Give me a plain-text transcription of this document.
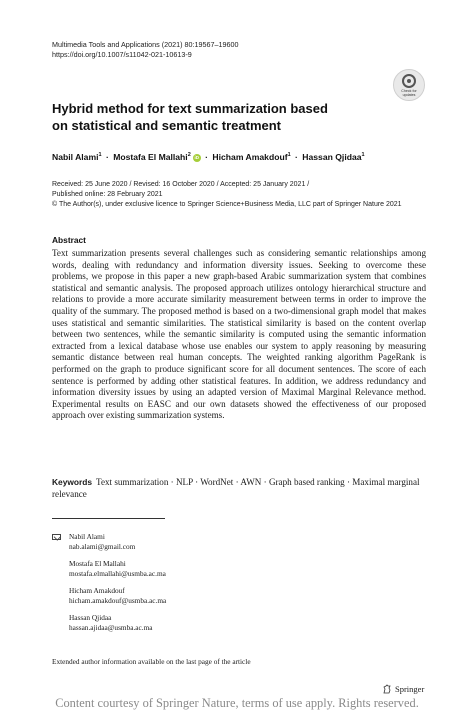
Multimedia Tools and Applications (2021) 80:19567–19600
https://doi.org/10.1007/s11042-021-10613-9
Check for
updates
Hybrid method for text summarization based
on statistical and semantic treatment
Nabil Alami$^1$ · Mostafa El Mallahi$^2$ iD · Hicham Amakdouf$^1$ · Hassan Qjidaa$^1$
Received: 25 June 2020 / Revised: 16 October 2020 / Accepted: 25 January 2021 /
Published online: 28 February 2021
© The Author(s), under exclusive licence to Springer Science+Business Media, LLC part of Springer Nature 2021
Abstract

Text summarization presents several challenges such as considering semantic relationships among words, dealing with redundancy and information diversity issues. Seeking to overcome these problems, we propose in this paper a new graph-based Arabic summarization system that combines statistical and semantic analysis. The proposed approach utilizes ontology hierarchical structure and relations to provide a more accurate similarity measurement between terms in order to improve the quality of the summary. The proposed method is based on a two-dimensional graph model that makes uses statistical and semantic similarities. The statistical similarity is based on the content overlap between two sentences, while the semantic similarity is computed using the semantic information extracted from a lexical database whose use enables our system to apply reasoning by measuring semantic distance between real human concepts. The weighted ranking algorithm PageRank is performed on the graph to produce significant score for all document sentences. The score of each sentence is performed by adding other statistical features. In addition, we address redundancy and information diversity issues by using an adapted version of Maximal Marginal Relevance method. Experimental results on EASC and our own datasets showed the effectiveness of our proposed approach over existing summarization systems.

Keywords Text summarization · NLP · WordNet · AWN · Graph based ranking · Maximal marginal relevance
Nabil Alami
nab.alami@gmail.com
Mostafa El Mallahi
mostafa.elmallahi@usmba.ac.ma
Hicham Amakdouf
hicham.amakdouf@usmba.ac.ma
Hassan Qjidaa
hassan.ajidaa@usmba.ac.ma
Extended author information available on the last page of the article
Springer
Content courtesy of Springer Nature, terms of use apply. Rights reserved.
